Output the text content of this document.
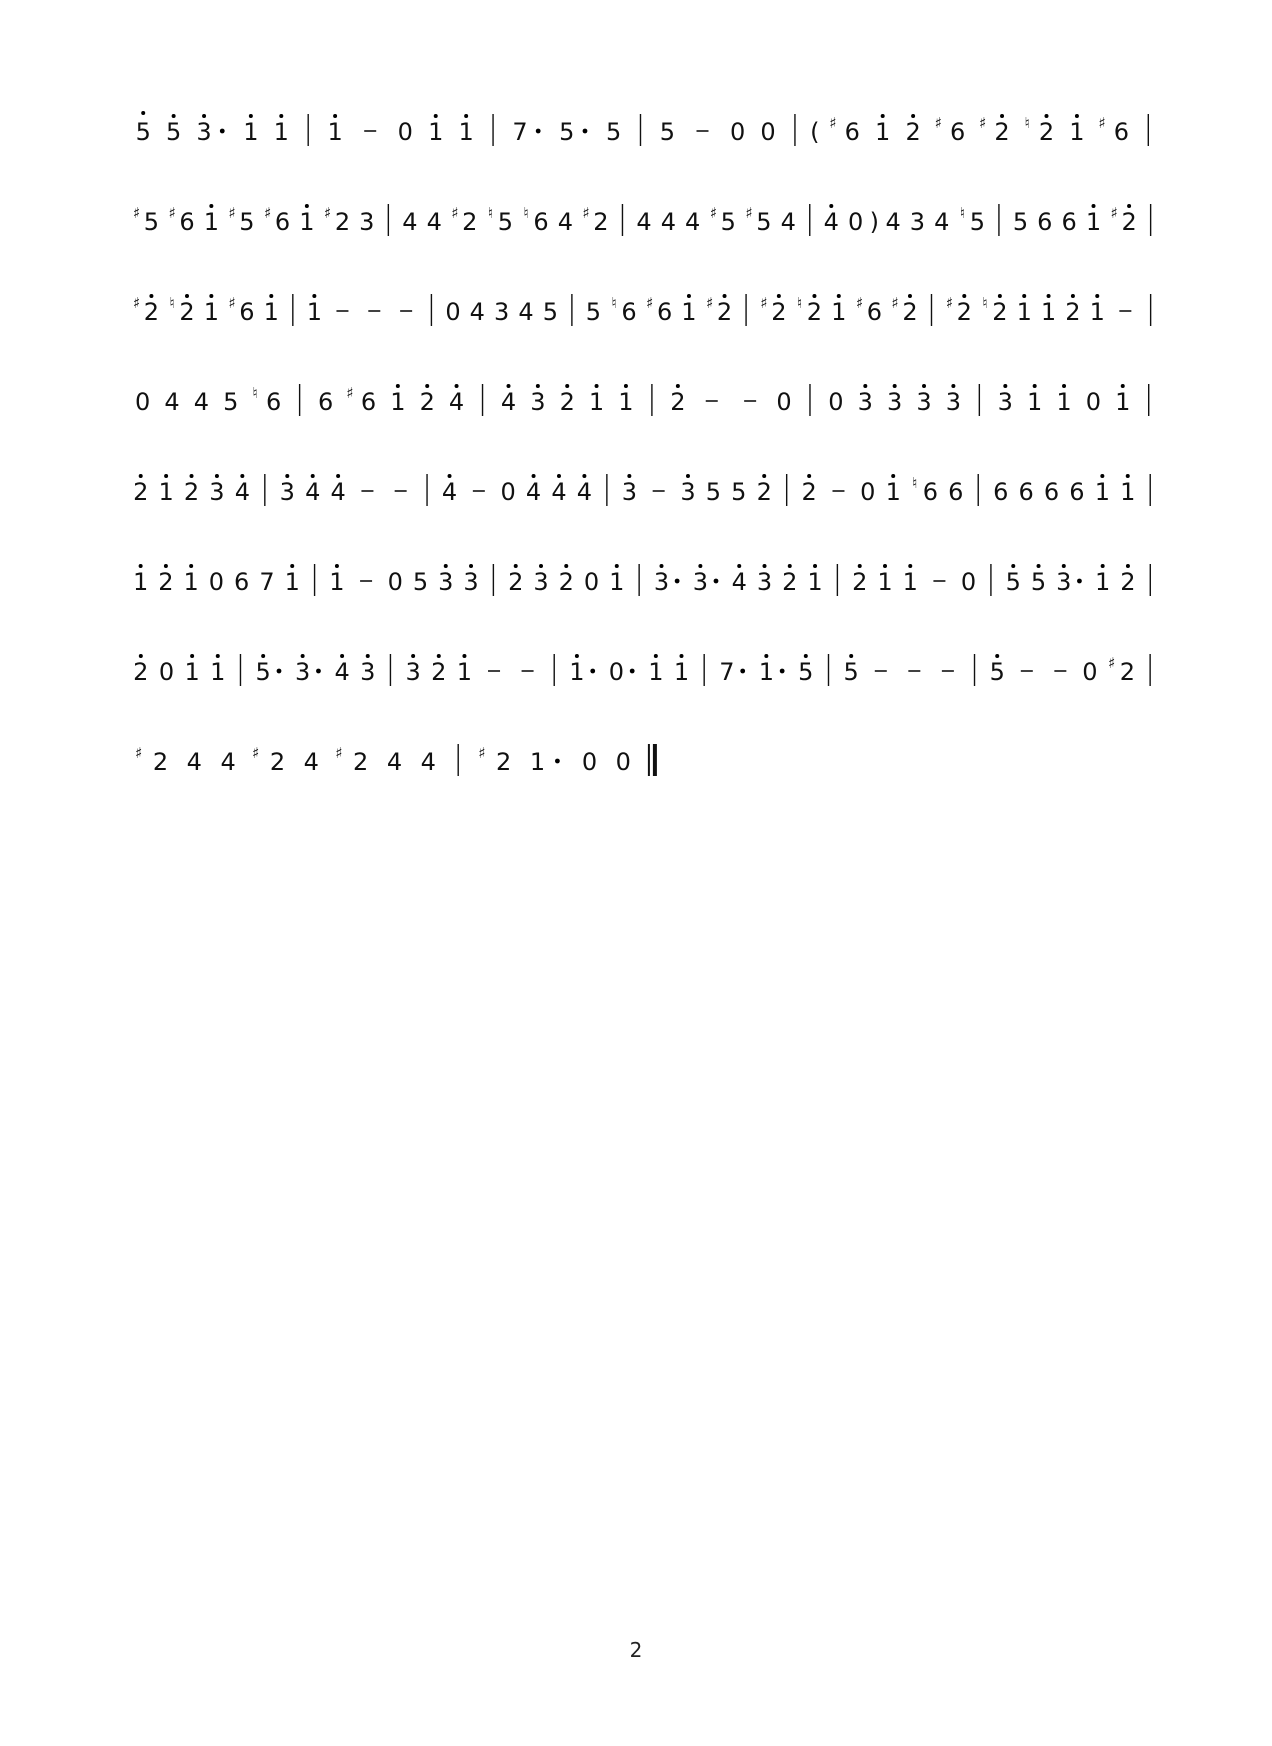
5 5 3 1 1 1 0 1 1 7 5 5 5 0 0 ( ♯ 6 1 2 ♯ 6 ♯ 2 ♮ 2 1 ♯ 6
♯ 5 ♯ 6 1 ♯ 5 ♯ 6 1 ♯ 2 3 4 4 ♯ 2 ♮ 5 ♮ 6 4 ♯ 2 4 4 4 ♯ 5 ♯ 5 4 4 0 ) 4 3 4 ♮ 5 5 6 6 1 ♯ 2
♯ 2 ♮ 2 1 ♯ 6 1 1	0 4 3 4 5 5 ♮ 6 ♯ 6 1 ♯ 2 ♯ 2 ♮ 2 1 ♯ 6 ♯ 2 ♯ 2 ♮ 2 1 1 2 1
0 4 4 5 ♮ 6 6 ♯ 6 1 2 4 4 3 2 1 1 2	0 0 3 3 3 3 3 1 1 0 1
2 1 2 3 4 3 4 4	4 0 4 4 4 3 3 5 5 2 2 0 1 ♮ 6 6 6 6 6 6 1 1
1 2 1 0 6 7 1 1 0 5 3 3 2 3 2 0 1 3 3 4 3 2 1 2 1 1 0 5 5 3 1 2
2 0 1 1 5 3 4 3 3 2 1	1 0 1 1 7 1 5 5	5	0 ♯ 2
♯ 2 4 4 ♯ 2 4 ♯ 2 4 4	♯ 2 1 0 0
2
